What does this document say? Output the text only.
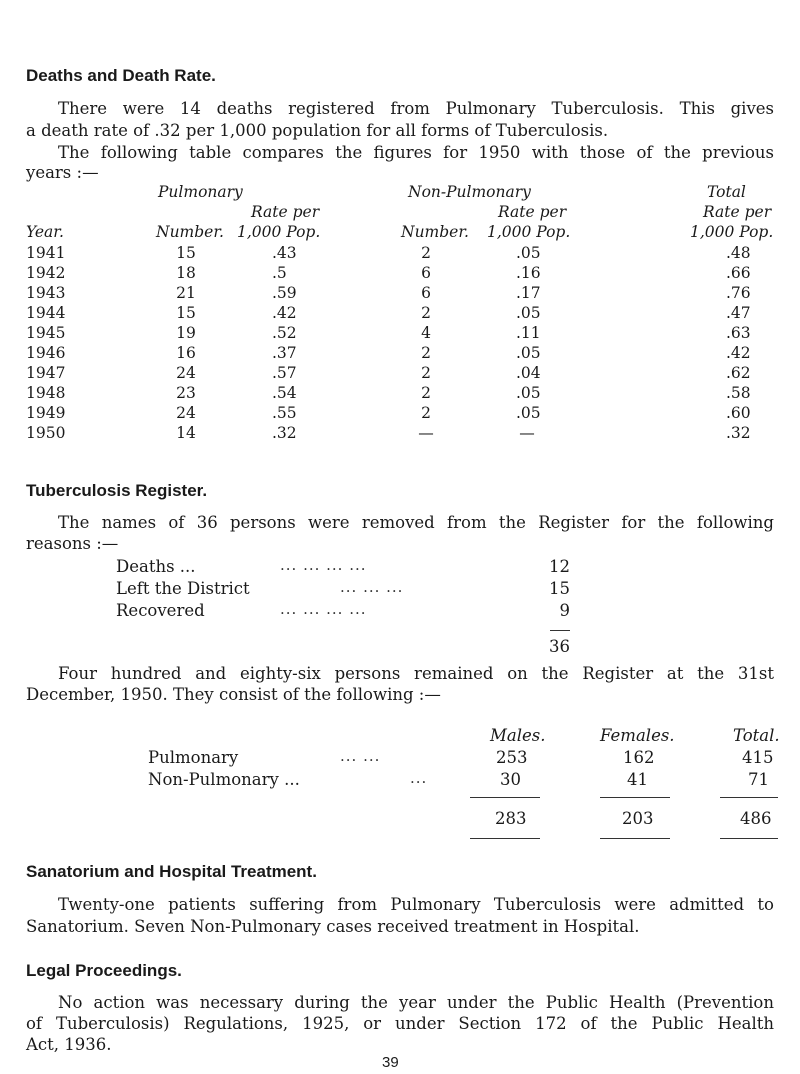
Deaths and Death Rate.
There were 14 deaths registered from Pulmonary Tuberculosis. This gives
a death rate of .32 per 1,000 population for all forms of Tuberculosis.
The following table compares the figures for 1950 with those of the previous
years :—
Pulmonary	Non-Pulmonary	Total
Rate per	Rate per	Rate per
Year.	Number. 1,000 Pop.	Number. 1,000 Pop.	1,000 Pop.
1941	15	.43	2	.05	.48
1942	18	.5	6	.16	.66
1943	21	.59	6	.17	.76
1944	15	.42	2	.05	.47
1945	19	.52	4	.11	.63
1946	16	.37	2	.05	.42
1947	24	.57	2	.04	.62
1948	23	.54	2	.05	.58
1949	24	.55	2	.05	.60
1950	14	.32	—	—	.32
Tuberculosis Register.
The names of 36 persons were removed from the Register for the following
reasons :—
Deaths ...	... ... ... ...	12
Left the District	... ... ...	15
Recovered	... ... ... ...	9
36
Four hundred and eighty-six persons remained on the Register at the 31st
December, 1950. They consist of the following :—
Males.	Females.	Total.
Pulmonary	... ...	253	162	415
Non-Pulmonary ...	...	30	41	71
283	203	486
Sanatorium and Hospital Treatment.
Twenty-one patients suffering from Pulmonary Tuberculosis were admitted to
Sanatorium. Seven Non-Pulmonary cases received treatment in Hospital.
Legal Proceedings.
No action was necessary during the year under the Public Health (Prevention
of Tuberculosis) Regulations, 1925, or under Section 172 of the Public Health
Act, 1936.
39
